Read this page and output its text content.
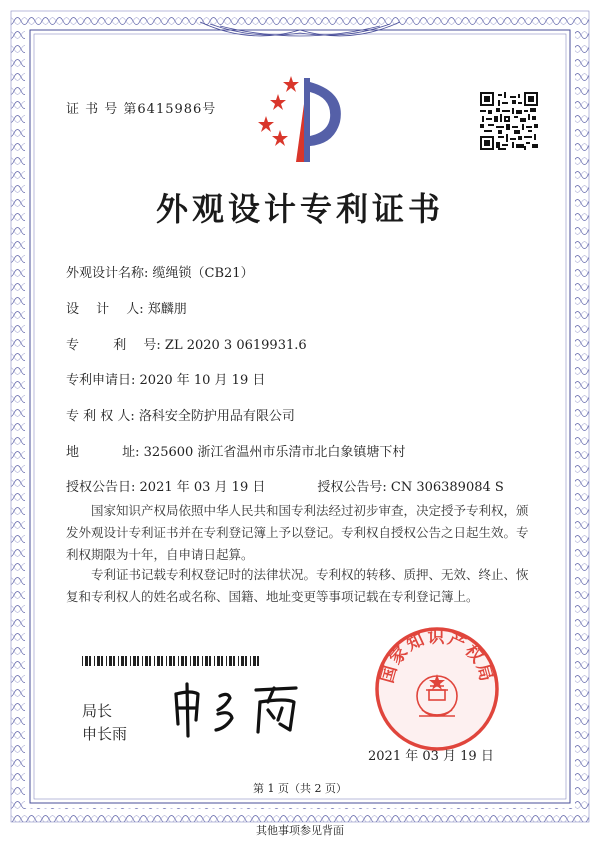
证 书 号 第6415986号
外观设计专利证书
外观设计名称: 缆绳锁（CB21）
设　 计　 人: 郑麟朋
专　 　 利　 号: ZL 2020 3 0619931.6
专利申请日: 2020 年 10 月 19 日
专 利 权 人: 洛科安全防护用品有限公司
地　　　 址: 325600 浙江省温州市乐清市北白象镇塘下村
授权公告日: 2021 年 03 月 19 日　　　　授权公告号: CN 306389084 S
国家知识产权局依照中华人民共和国专利法经过初步审查，决定授予专利权，颁发外观设计专利证书并在专利登记簿上予以登记。专利权自授权公告之日起生效。专利权期限为十年，自申请日起算。
专利证书记载专利权登记时的法律状况。专利权的转移、质押、无效、终止、恢复和专利权人的姓名或名称、国籍、地址变更等事项记载在专利登记簿上。
局长
申长雨
国家知识产权局
2021 年 03 月 19 日
第 1 页（共 2 页）
其他事项参见背面
